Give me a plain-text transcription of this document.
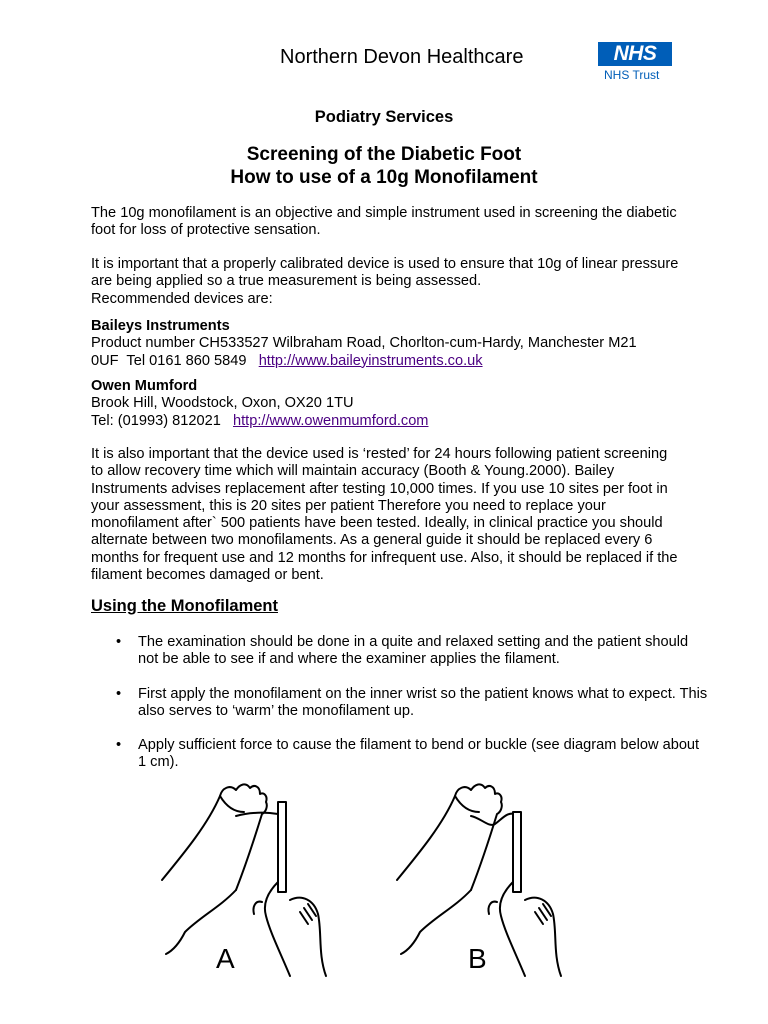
Northern Devon Healthcare	NHS
NHS Trust
Podiatry Services
Screening of the Diabetic Foot
How to use of a 10g Monofilament

The 10g monofilament is an objective and simple instrument used in screening the diabetic foot for loss of protective sensation.

It is important that a properly calibrated device is used to ensure that 10g of linear pressure are being applied so a true measurement is being assessed.

Recommended devices are:

Baileys Instruments

Product number CH533527 Wilbraham Road, Chorlton-cum-Hardy, Manchester M21

0UF  Tel 0161 860 5849   http://www.baileyinstruments.co.uk

Owen Mumford

Brook Hill, Woodstock, Oxon, OX20 1TU

Tel: (01993) 812021   http://www.owenmumford.com

It is also important that the device used is ‘rested’ for 24 hours following patient screening to allow recovery time which will maintain accuracy (Booth & Young.2000). Bailey Instruments advises replacement after testing 10,000 times. If you use 10 sites per foot in your assessment, this is 20 sites per patient Therefore you need to replace your monofilament after` 500 patients have been tested. Ideally, in clinical practice you should alternate between two monofilaments. As a general guide it should be replaced every 6 months for frequent use and 12 months for infrequent use. Also, it should be replaced if the filament becomes damaged or bent.

Using the Monofilament
• The examination should be done in a quite and relaxed setting and the patient should not be able to see if and where the examiner applies the filament.
• First apply the monofilament on the inner wrist so the patient knows what to expect. This also serves to ‘warm’ the monofilament up.
• Apply sufficient force to cause the filament to bend or buckle (see diagram below about 1 cm).
A	B
